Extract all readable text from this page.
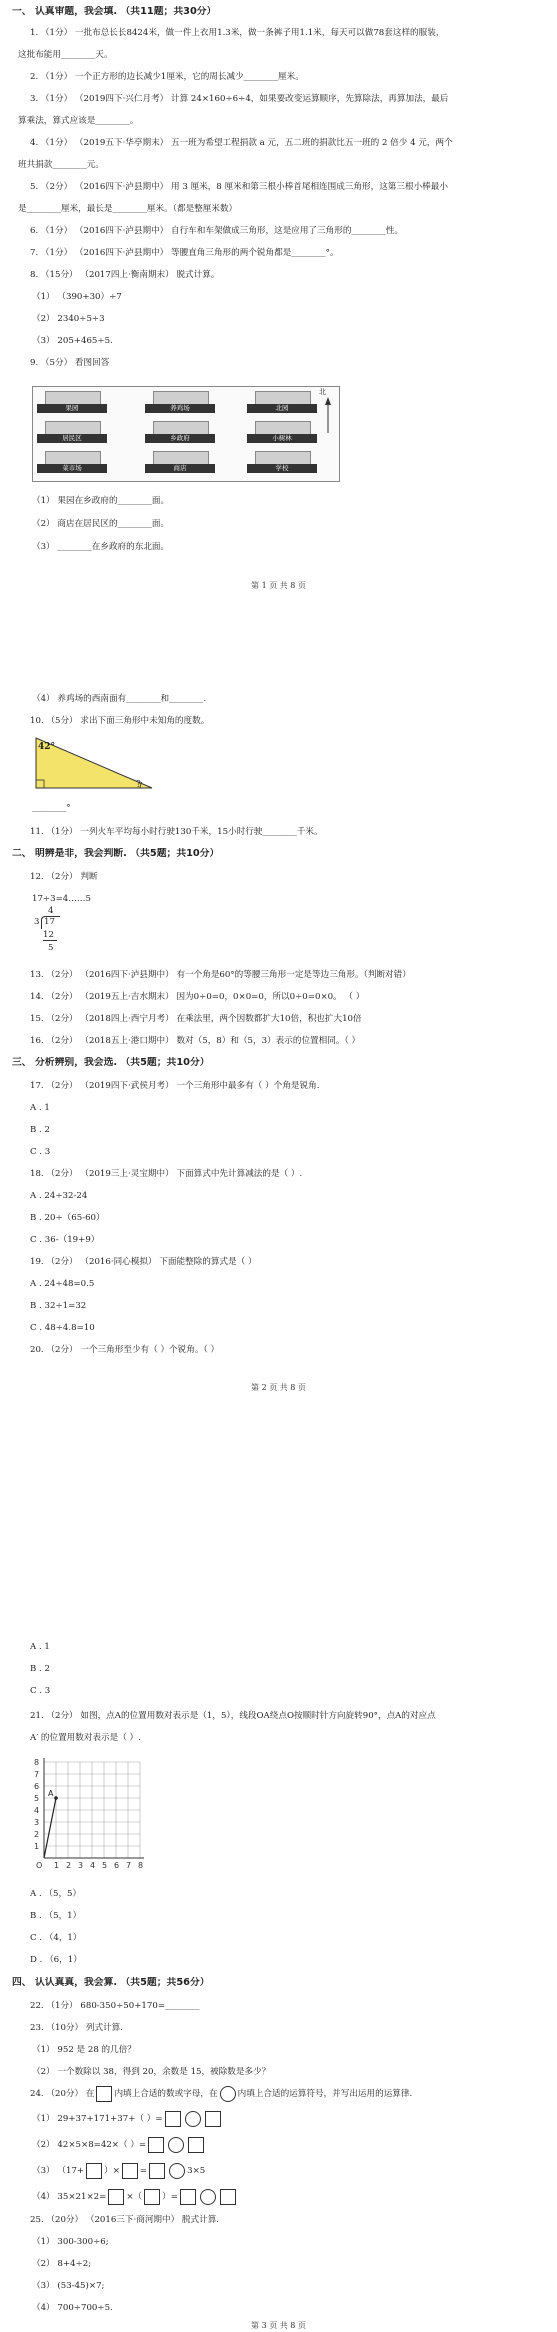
一、 认真审题，我会填. （共11题；共30分）
1. （1分） 一批布总长长8424米，做一件上衣用1.3米，做一条裤子用1.1米，每天可以做78套这样的服装，
这批布能用________天。
2. （1分） 一个正方形的边长减少1厘米，它的周长减少________厘米。
3. （1分） （2019四下·兴仁月考） 计算 24×160÷6÷4，如果要改变运算顺序，先算除法，再算加法，最后
算乘法，算式应该是________。
4. （1分） （2019五下·华亭期末） 五一班为希望工程捐款 a 元，五二班的捐款比五一班的 2 倍少 4 元，两个
班共捐款________元。
5. （2分） （2016四下·泸县期中） 用 3 厘米，8 厘米和第三根小棒首尾相连围成三角形，这第三根小棒最小
是________厘米，最长是________厘米。（都是整厘米数）
6. （1分） （2016四下·泸县期中） 自行车和车架做成三角形，这是应用了三角形的________性。
7. （1分） （2016四下·泸县期中） 等腰直角三角形的两个锐角都是________°。
8. （15分） （2017四上·衡南期末） 脱式计算。
（1） （390+30）÷7
（2） 2340÷5÷3
（3） 205+465÷5.
9. （5分） 看图回答
果园	养鸡场	北园
居民区	乡政府	小树林
菜市场	商店	学校
北
（1） 果园在乡政府的________面。
（2） 商店在居民区的________面。
（3） ________在乡政府的东北面。
第 1 页 共 8 页
（4） 养鸡场的西南面有________和________.
10. （5分） 求出下面三角形中未知角的度数。
42°
?
________°
11. （1分） 一列火车平均每小时行驶130千米，15小时行驶________千米。
二、 明辨是非，我会判断. （共5题；共10分）
12. （2分） 判断
17÷3=4……5
4
3 17
12
5
13. （2分） （2016四下·泸县期中） 有一个角是60°的等腰三角形一定是等边三角形。（判断对错）
14. （2分） （2019五上·吉水期末） 因为0÷0=0，0×0=0，所以0÷0=0×0。 （ ）
15. （2分） （2018四上·西宁月考） 在乘法里，两个因数都扩大10倍，积也扩大10倍
16. （2分） （2018五上·港口期中） 数对（5，8）和（5，3）表示的位置相同。（ ）
三、 分析辨别，我会选. （共5题；共10分）
17. （2分） （2019四下·武侯月考） 一个三角形中最多有（ ）个角是锐角.
A . 1
B . 2
C . 3
18. （2分） （2019三上·灵宝期中） 下面算式中先计算减法的是（ ）.
A . 24÷32-24
B . 20÷（65-60）
C . 36-（19+9）
19. （2分） （2016·同心模拟） 下面能整除的算式是（ ）
A . 24÷48=0.5
B . 32÷1=32
C . 48÷4.8=10
20. （2分） 一个三角形至少有（ ）个锐角。（ ）
第 2 页 共 8 页
A . 1
B . 2
C . 3
21. （2分） 如图，点A的位置用数对表示是（1，5），线段OA绕点O按顺时针方向旋转90°，点A的对应点
A′ 的位置用数对表示是（ ）.
8
7
6
5
4
3
2
1
O 1 2 3 4 5 6 7 8
A
A . （5，5）
B . （5，1）
C . （4，1）
D . （6，1）
四、 认认真真，我会算. （共5题；共56分）
22. （1分） 680-350÷50+170=________
23. （10分） 列式计算.
（1） 952 是 28 的几倍？
（2） 一个数除以 38，得到 20，余数是 15，被除数是多少？
24. （20分） 在 内填上合适的数或字母，在 内填上合适的运算符号，并写出运用的运算律.
（1） 29+37+171+37+（ ）=
（2） 42×5×8=42×（ ）=
（3） （17+ ）× =	3×5
（4） 35×21×2= ×（ ）=
25. （20分） （2016三下·商河期中） 脱式计算.
（1） 300-300÷6;
（2） 8+4÷2;
（3） (53-45)×7;
（4） 700÷700÷5.
第 3 页 共 8 页
